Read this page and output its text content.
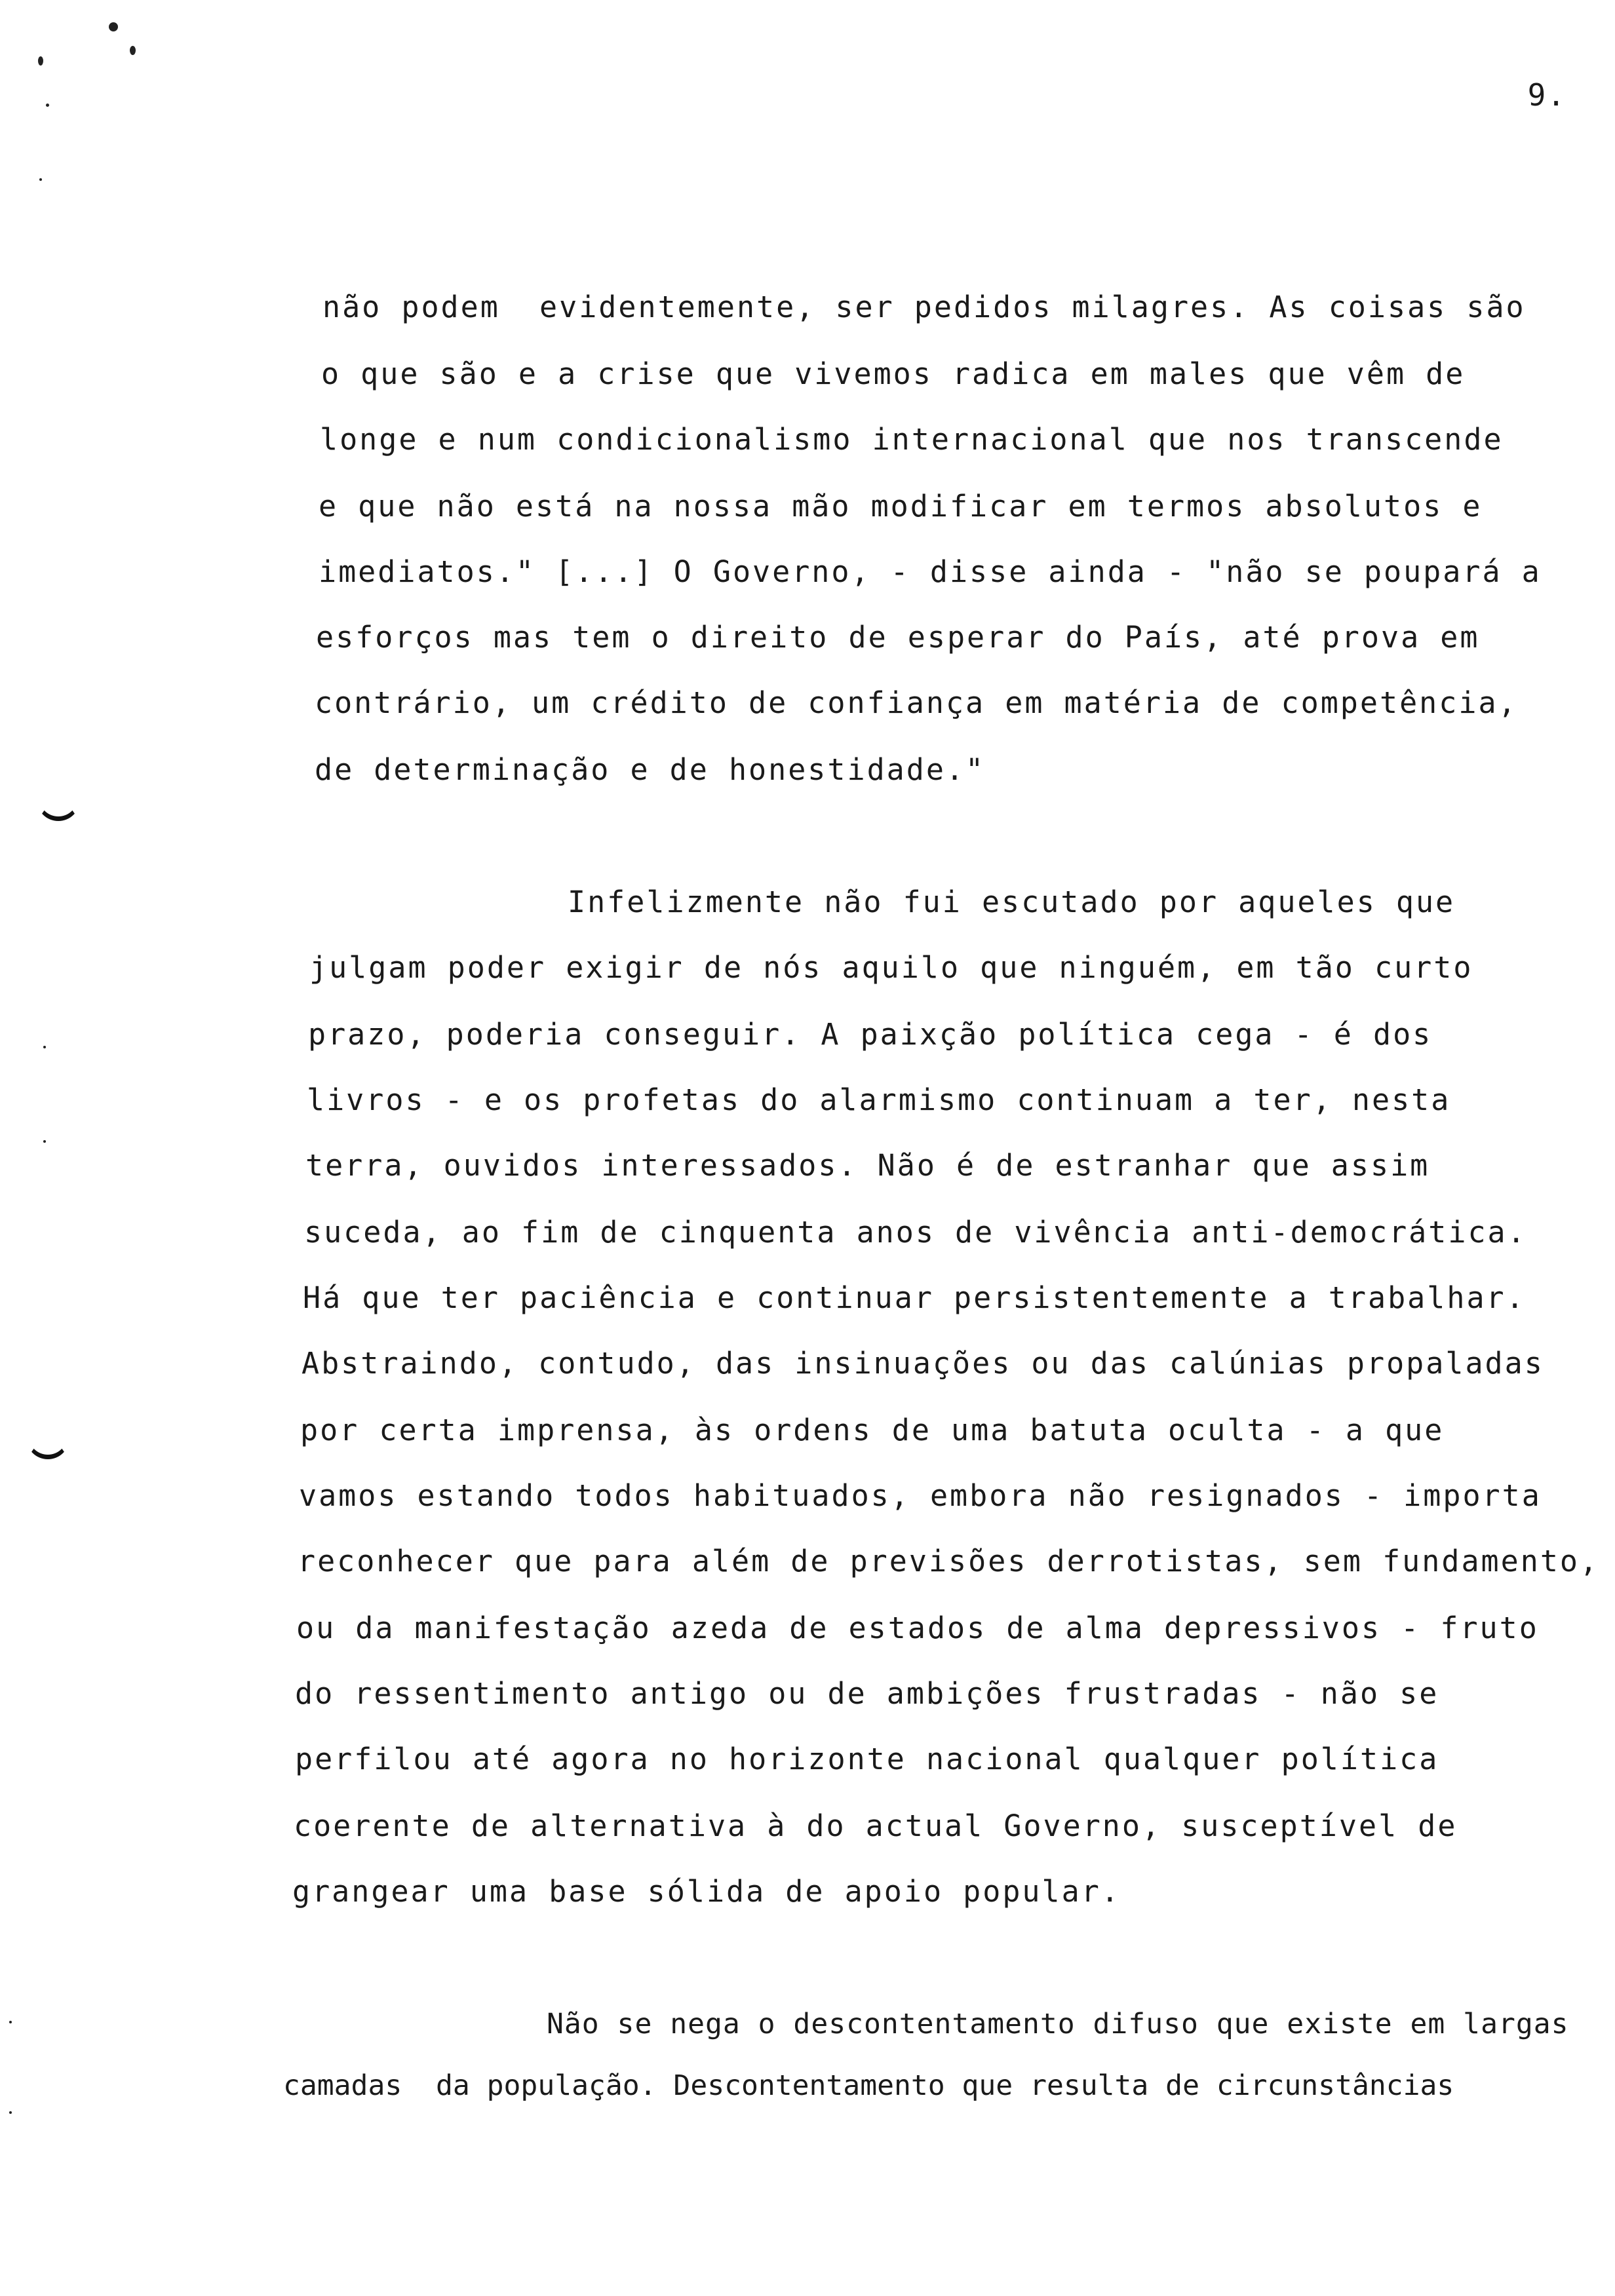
9.
não podem  evidentemente, ser pedidos milagres. As coisas são
o que são e a crise que vivemos radica em males que vêm de
longe e num condicionalismo internacional que nos transcende
e que não está na nossa mão modificar em termos absolutos e
imediatos." [...] O Governo, - disse ainda - "não se poupará a
esforços mas tem o direito de esperar do País, até prova em
contrário, um crédito de confiança em matéria de competência,
de determinação e de honestidade."
Infelizmente não fui escutado por aqueles que
julgam poder exigir de nós aquilo que ninguém, em tão curto
prazo, poderia conseguir. A paixção política cega - é dos
livros - e os profetas do alarmismo continuam a ter, nesta
terra, ouvidos interessados. Não é de estranhar que assim
suceda, ao fim de cinquenta anos de vivência anti-democrática.
Há que ter paciência e continuar persistentemente a trabalhar.
Abstraindo, contudo, das insinuações ou das calúnias propaladas
por certa imprensa, às ordens de uma batuta oculta - a que
vamos estando todos habituados, embora não resignados - importa
reconhecer que para além de previsões derrotistas, sem fundamento,
ou da manifestação azeda de estados de alma depressivos - fruto
do ressentimento antigo ou de ambições frustradas - não se
perfilou até agora no horizonte nacional qualquer política
coerente de alternativa à do actual Governo, susceptível de
grangear uma base sólida de apoio popular.
Não se nega o descontentamento difuso que existe em largas
camadas  da população. Descontentamento que resulta de circunstâncias
